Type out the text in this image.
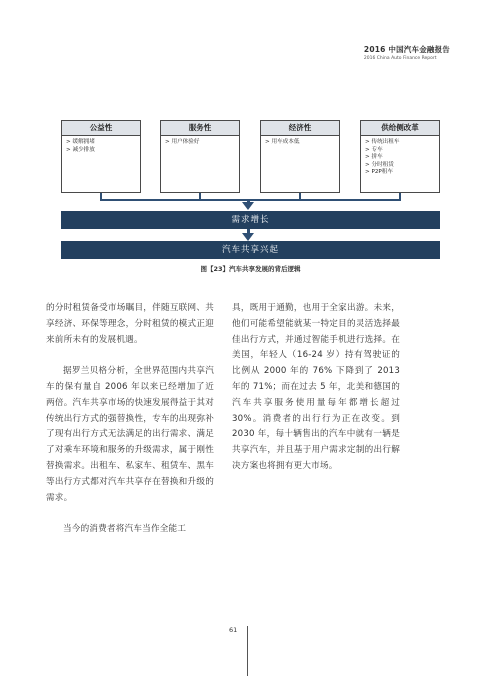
2016 中国汽车金融报告
2016 China Auto Finance Report
公益性
> 缓解拥堵
> 减少排放
服务性
> 用户体验好
经济性
> 用车成本低
供给侧改革
> 传统出租车
> 专车
> 拼车
> 分时租赁
> P2P租车
需求增长
汽车共享兴起
图【23】汽车共享发展的背后逻辑

的分时租赁备受市场瞩目，伴随互联网、共享经济、环保等理念，分时租赁的模式正迎来前所未有的发展机遇。

据罗兰贝格分析，全世界范围内共享汽车的保有量自 2006 年以来已经增加了近两倍。汽车共享市场的快速发展得益于其对传统出行方式的强替换性，专车的出现弥补了现有出行方式无法满足的出行需求、满足了对乘车环境和服务的升级需求，属于刚性替换需求。出租车、私家车、租赁车、黑车等出行方式都对汽车共享存在替换和升级的需求。

当今的消费者将汽车当作全能工

具，既用于通勤，也用于全家出游。未来，他们可能希望能就某一特定目的灵活选择最佳出行方式，并通过智能手机进行选择。在美国，年轻人（16-24 岁）持有驾驶证的比例从 2000 年的 76% 下降到了 2013 年的 71%；而在过去 5 年，北美和德国的汽车共享服务使用量每年都增长超过 30%。消费者的出行行为正在改变。到 2030 年，每十辆售出的汽车中就有一辆是共享汽车，并且基于用户需求定制的出行解决方案也将拥有更大市场。

61
